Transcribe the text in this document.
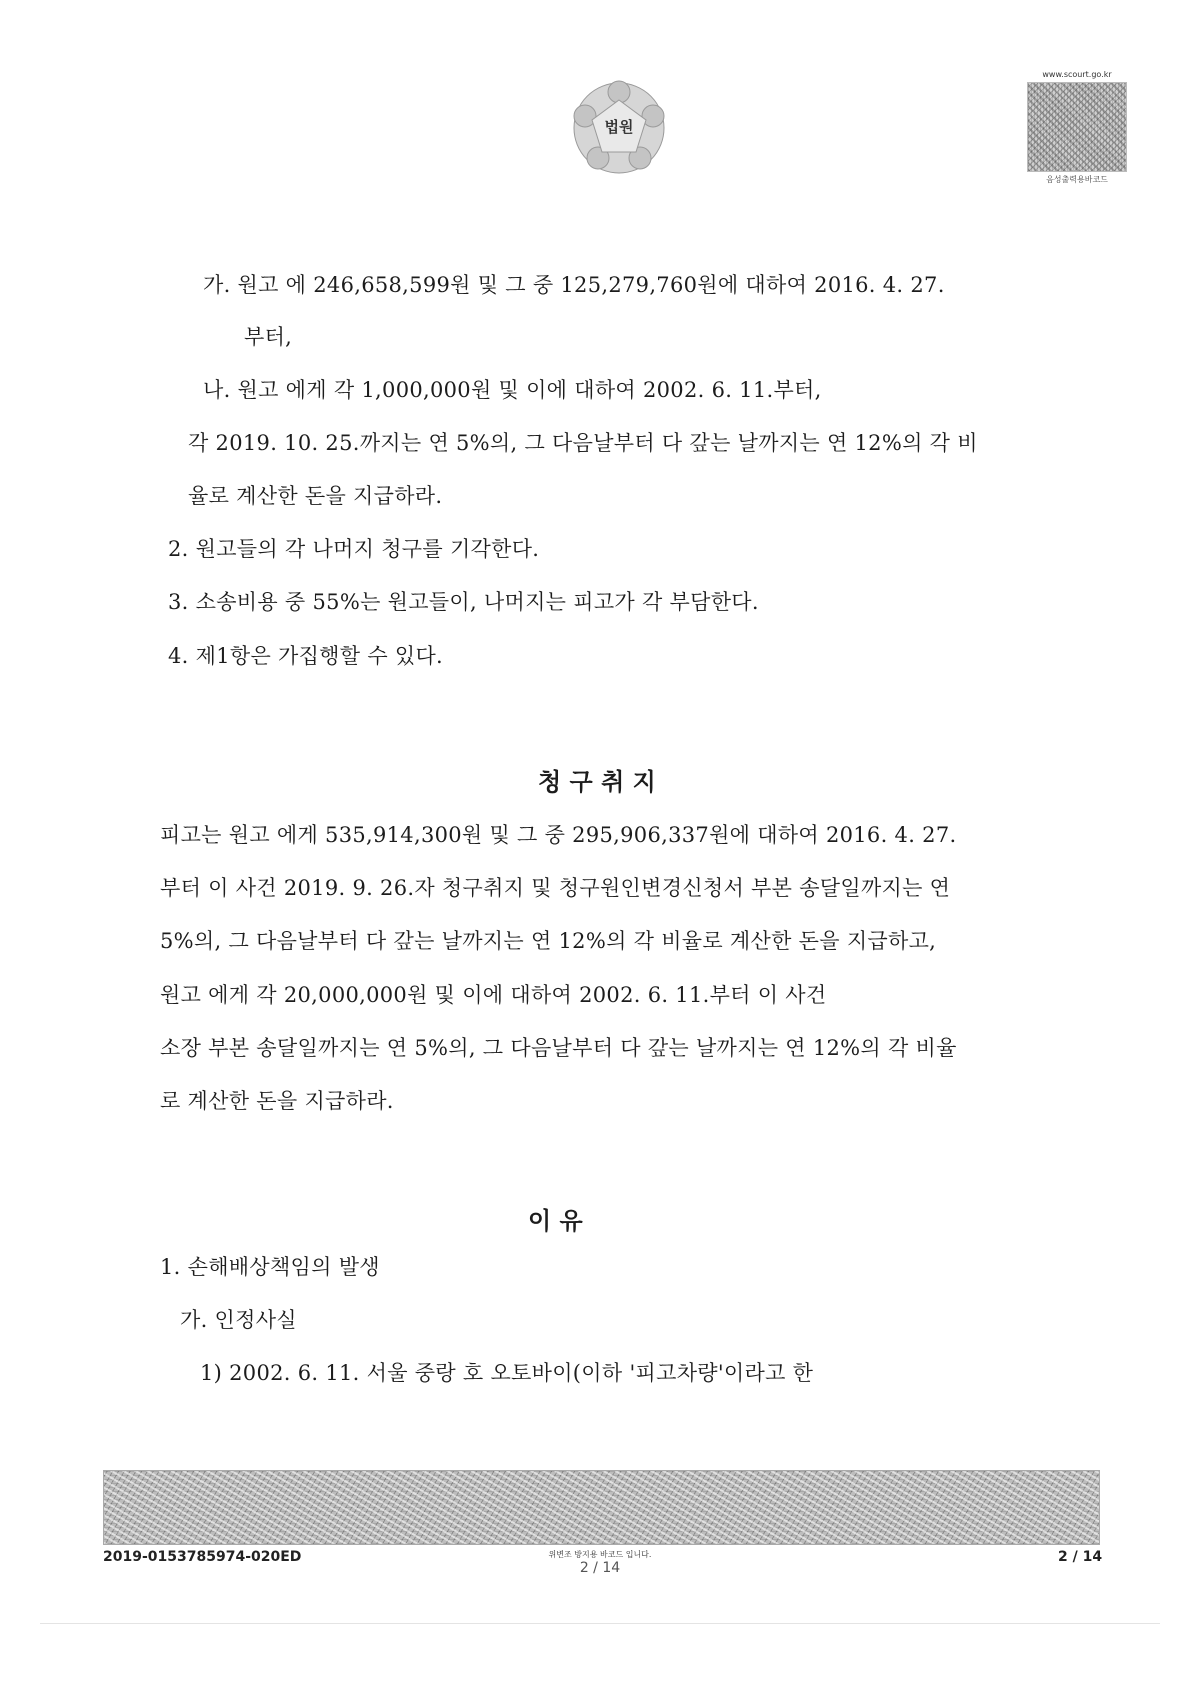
법원
www.scourt.go.kr
음성출력용바코드
가. 원고 에 246,658,599원 및 그 중 125,279,760원에 대하여 2016. 4. 27.
부터,
나. 원고 에게 각 1,000,000원 및 이에 대하여 2002. 6. 11.부터,
각 2019. 10. 25.까지는 연 5%의, 그 다음날부터 다 갚는 날까지는 연 12%의 각 비
율로 계산한 돈을 지급하라.
2. 원고들의 각 나머지 청구를 기각한다.
3. 소송비용 중 55%는 원고들이, 나머지는 피고가 각 부담한다.
4. 제1항은 가집행할 수 있다.
청 구 취 지
피고는 원고 에게 535,914,300원 및 그 중 295,906,337원에 대하여 2016. 4. 27.
부터 이 사건 2019. 9. 26.자 청구취지 및 청구원인변경신청서 부본 송달일까지는 연
5%의, 그 다음날부터 다 갚는 날까지는 연 12%의 각 비율로 계산한 돈을 지급하고,
원고 에게 각 20,000,000원 및 이에 대하여 2002. 6. 11.부터 이 사건
소장 부본 송달일까지는 연 5%의, 그 다음날부터 다 갚는 날까지는 연 12%의 각 비율
로 계산한 돈을 지급하라.
이 유
1. 손해배상책임의 발생
가. 인정사실
1) 2002. 6. 11. 서울 중랑 호 오토바이(이하 '피고차량'이라고 한
2019-0153785974-020ED	위변조 방지용 바코드 입니다.
2 / 14
2 / 14
